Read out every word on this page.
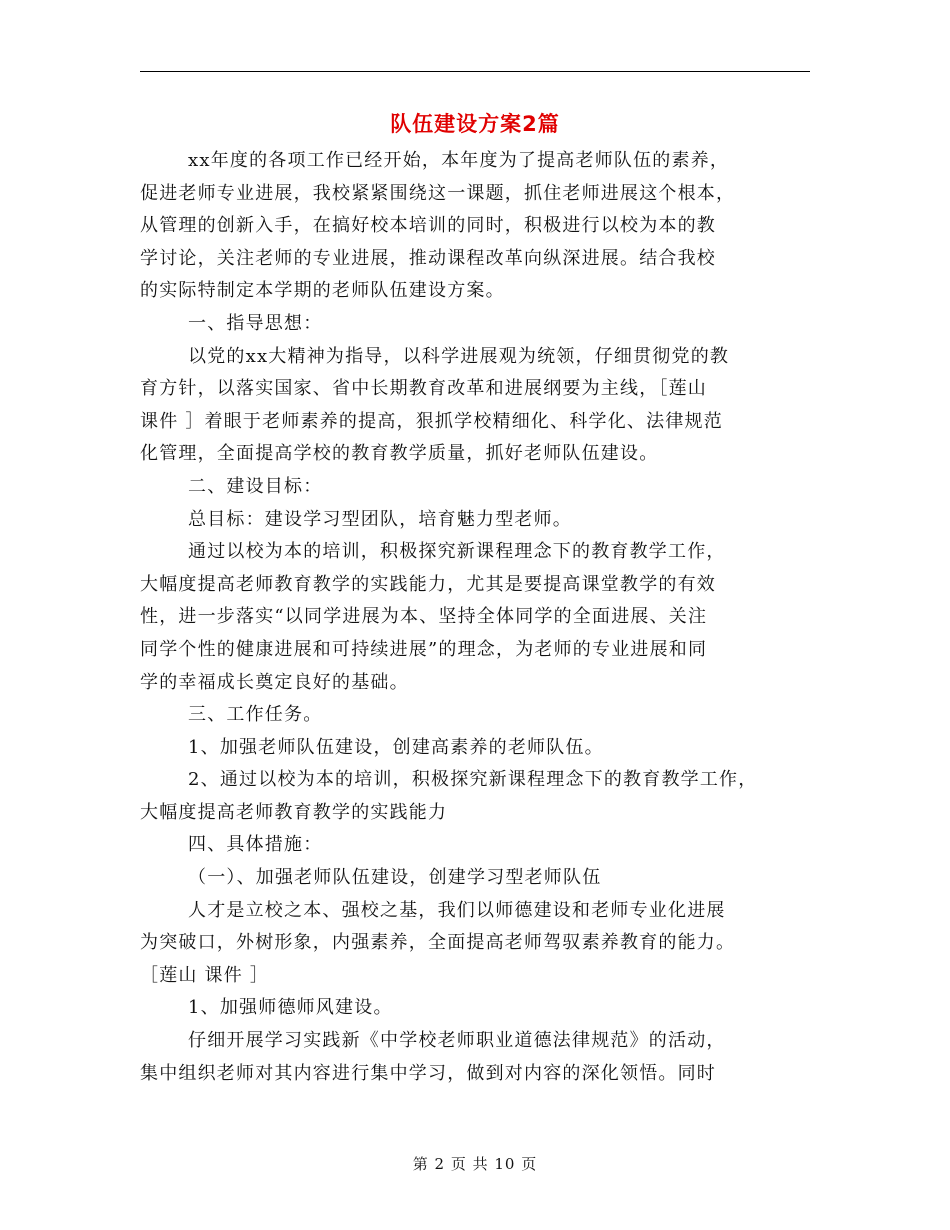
队伍建设方案2篇
xx年度的各项工作已经开始，本年度为了提高老师队伍的素养，
促进老师专业进展，我校紧紧围绕这一课题，抓住老师进展这个根本，
从管理的创新入手，在搞好校本培训的同时，积极进行以校为本的教
学讨论，关注老师的专业进展，推动课程改革向纵深进展。结合我校
的实际特制定本学期的老师队伍建设方案。
一、指导思想：
以党的xx大精神为指导，以科学进展观为统领，仔细贯彻党的教
育方针，以落实国家、省中长期教育改革和进展纲要为主线，［莲山
课件 ］着眼于老师素养的提高，狠抓学校精细化、科学化、法律规范
化管理，全面提高学校的教育教学质量，抓好老师队伍建设。
二、建设目标：
总目标：建设学习型团队，培育魅力型老师。
通过以校为本的培训，积极探究新课程理念下的教育教学工作，
大幅度提高老师教育教学的实践能力，尤其是要提高课堂教学的有效
性，进一步落实“以同学进展为本、坚持全体同学的全面进展、关注
同学个性的健康进展和可持续进展”的理念，为老师的专业进展和同
学的幸福成长奠定良好的基础。
三、工作任务。
1、加强老师队伍建设，创建高素养的老师队伍。
2、通过以校为本的培训，积极探究新课程理念下的教育教学工作，
大幅度提高老师教育教学的实践能力
四、具体措施：
（一）、加强老师队伍建设，创建学习型老师队伍
人才是立校之本、强校之基，我们以师德建设和老师专业化进展
为突破口，外树形象，内强素养，全面提高老师驾驭素养教育的能力。
［莲山 课件 ］
1、加强师德师风建设。
仔细开展学习实践新《中学校老师职业道德法律规范》的活动，
集中组织老师对其内容进行集中学习，做到对内容的深化领悟。同时
第 2 页 共 10 页
